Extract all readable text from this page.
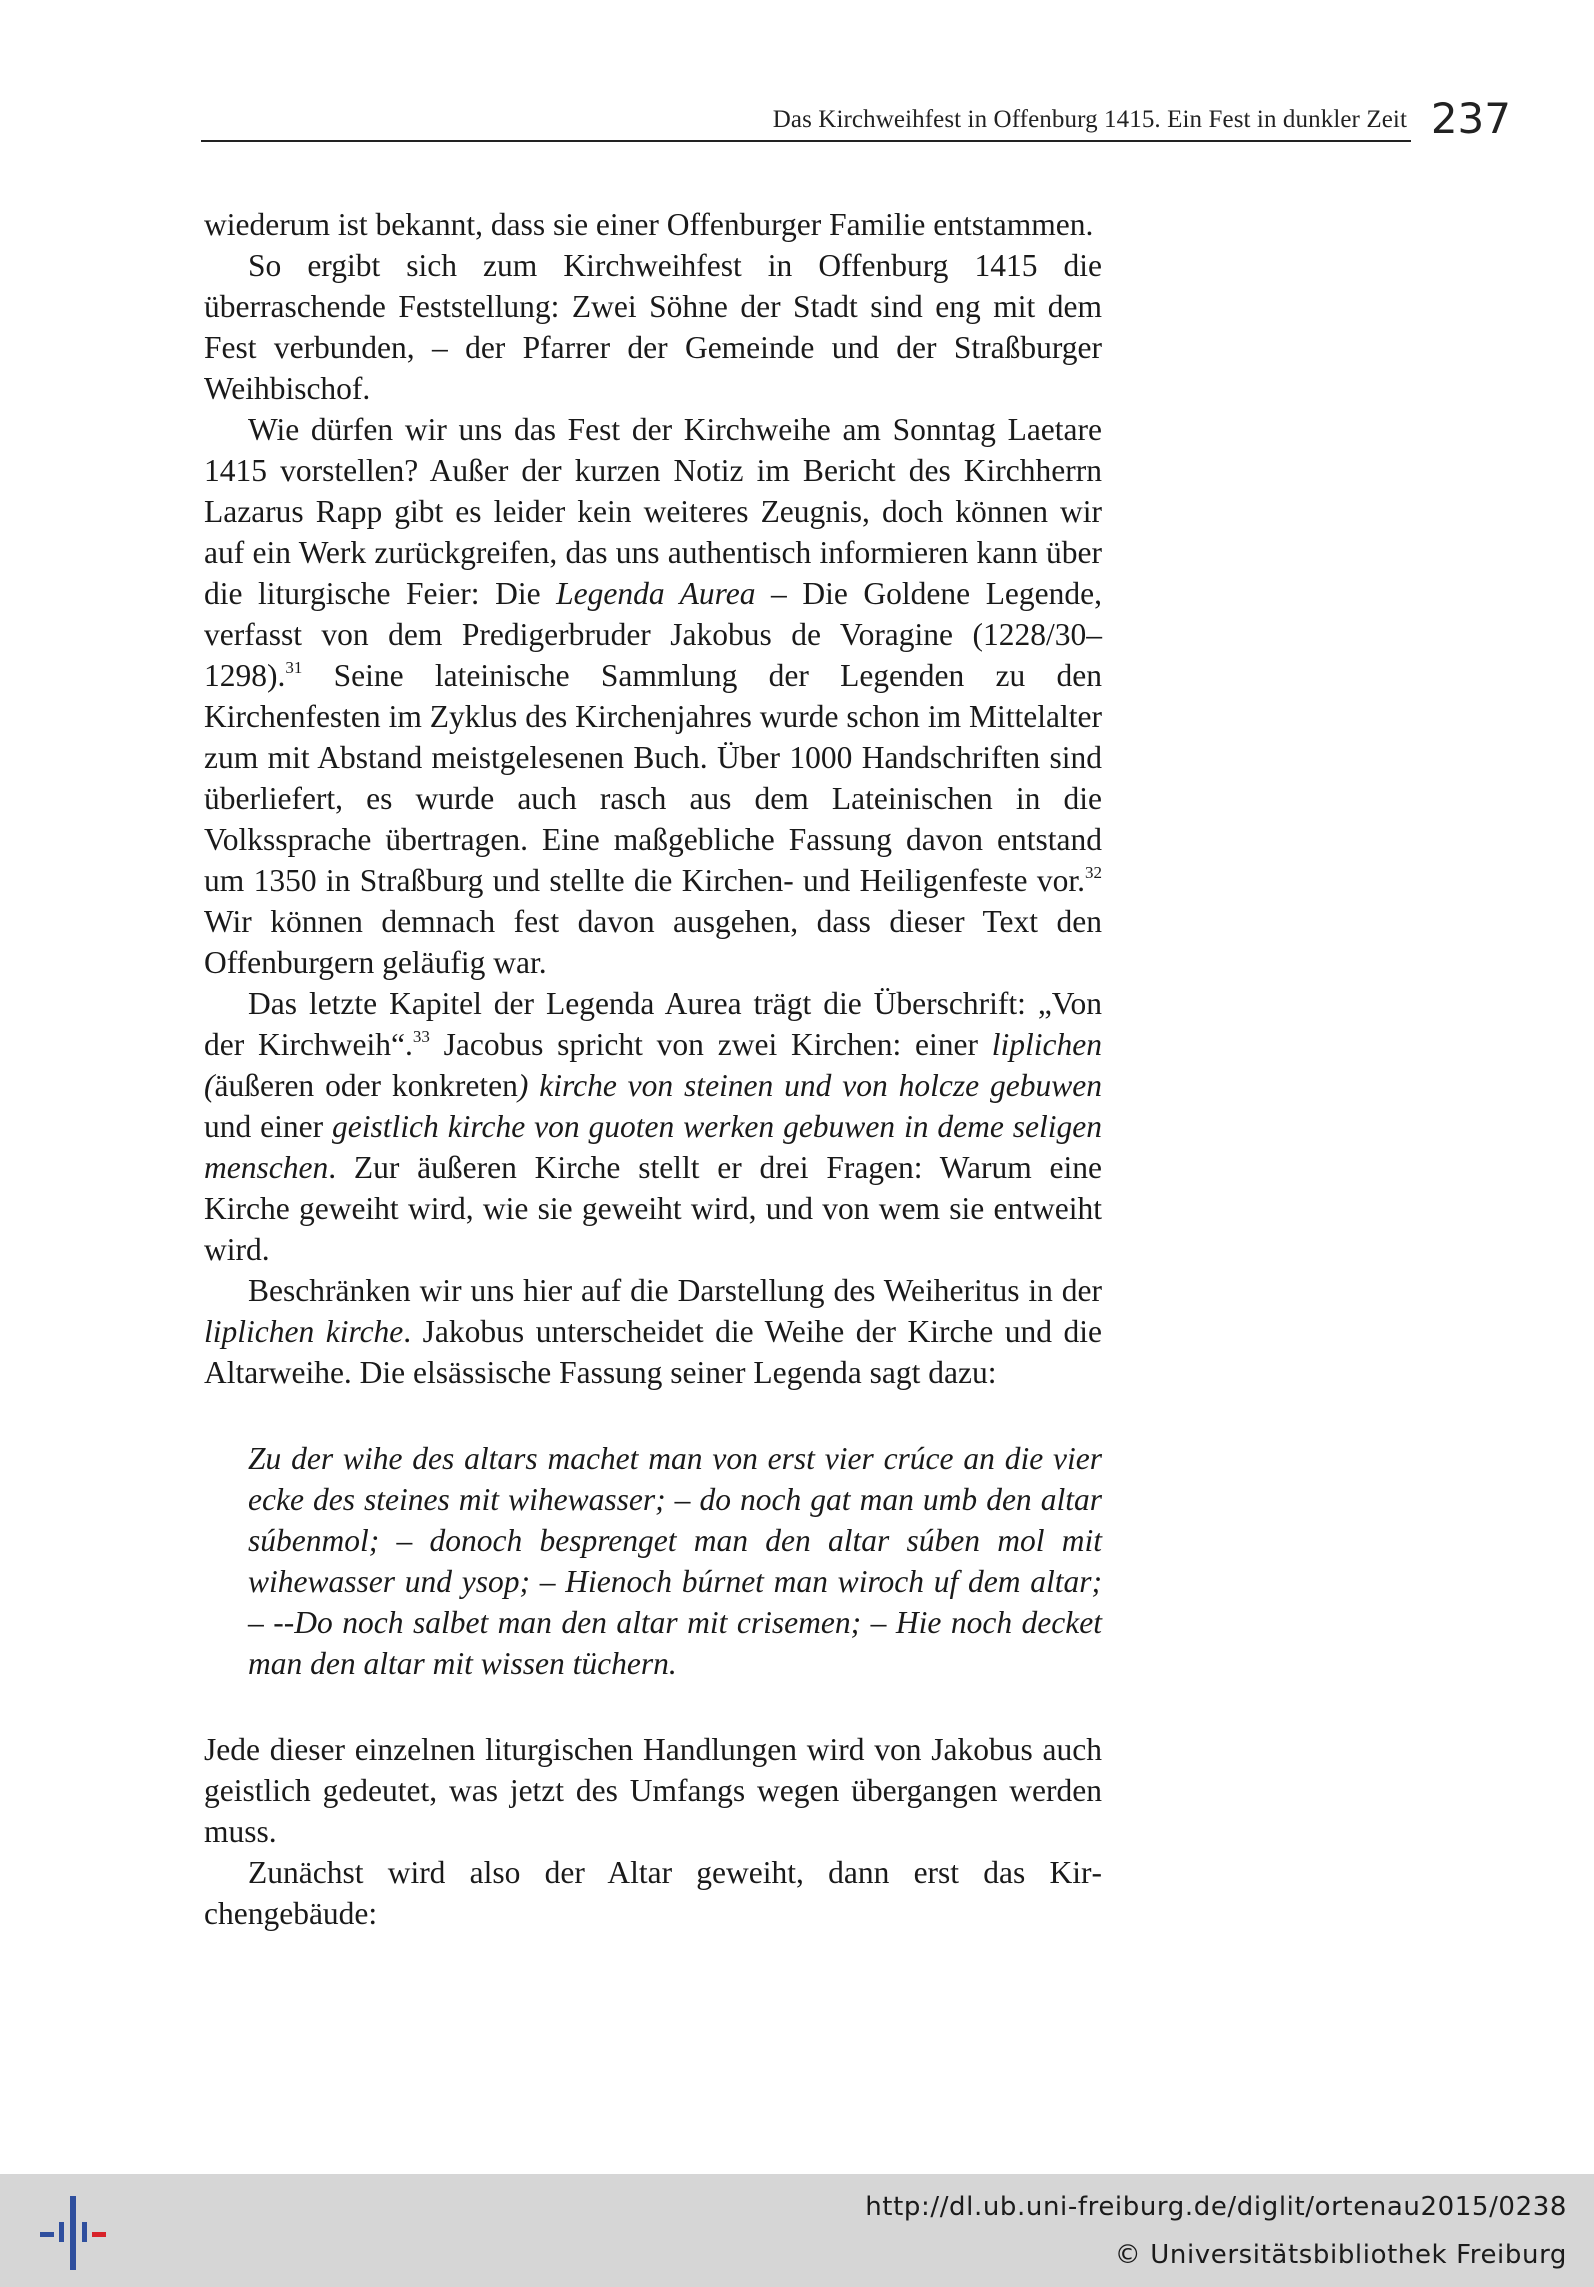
Das Kirchweihfest in Offenburg 1415. Ein Fest in dunkler Zeit 237

wiederum ist bekannt, dass sie einer Offenburger Familie entstammen.

So ergibt sich zum Kirchweihfest in Offenburg 1415 die überraschende Feststellung: Zwei Söhne der Stadt sind eng mit dem Fest verbunden, – der Pfarrer der Gemeinde und der Straßburger Weihbischof.

Wie dürfen wir uns das Fest der Kirchweihe am Sonntag Laetare 1415 vorstellen? Außer der kurzen Notiz im Bericht des Kirchherrn Lazarus Rapp gibt es leider kein weiteres Zeugnis, doch können wir auf ein Werk zurückgreifen, das uns authentisch informieren kann über die liturgische Feier: Die Legenda Aurea – Die Goldene Legende, verfasst von dem Predigerbruder Jakobus de Voragine (1228/30–1298).$^{31}$ Seine lateinische Sammlung der Legenden zu den Kirchenfesten im Zyklus des Kirchenjahres wurde schon im Mittelalter zum mit Abstand meistgelesenen Buch. Über 1000 Handschriften sind überliefert, es wurde auch rasch aus dem Lateinischen in die Volkssprache übertragen. Eine maßgebliche Fassung davon entstand um 1350 in Straßburg und stellte die Kirchen- und Heiligenfeste vor.$^{32}$ Wir können demnach fest davon ausgehen, dass dieser Text den Offenburgern geläufig war.

Das letzte Kapitel der Legenda Aurea trägt die Überschrift: „Von der Kirchweih“.$^{33}$ Jacobus spricht von zwei Kirchen: einer liplichen (äußeren oder konkreten) kirche von steinen und von holcze gebuwen und einer geistlich kirche von guoten werken gebuwen in deme seligen menschen. Zur äußeren Kirche stellt er drei Fragen: Warum eine Kirche geweiht wird, wie sie geweiht wird, und von wem sie entweiht wird.

Beschränken wir uns hier auf die Darstellung des Weiheritus in der liplichen kirche. Jakobus unterscheidet die Weihe der Kirche und die Altarweihe. Die elsässische Fassung seiner Legenda sagt dazu:

Zu der wihe des altars machet man von erst vier crúce an die vier ecke des steines mit wihewasser; – do noch gat man umb den altar súbenmol; – donoch besprenget man den altar súben mol mit wihewasser und ysop; – Hienoch búrnet man wiroch uf dem altar; – --Do noch salbet man den altar mit crisemen; – Hie noch decket man den altar mit wissen tüchern.

Jede dieser einzelnen liturgischen Handlungen wird von Jakobus auch geistlich gedeutet, was jetzt des Umfangs wegen übergangen werden muss.

Zunächst wird also der Altar geweiht, dann erst das Kirchengebäude:

http://dl.ub.uni-freiburg.de/diglit/ortenau2015/0238
© Universitätsbibliothek Freiburg
